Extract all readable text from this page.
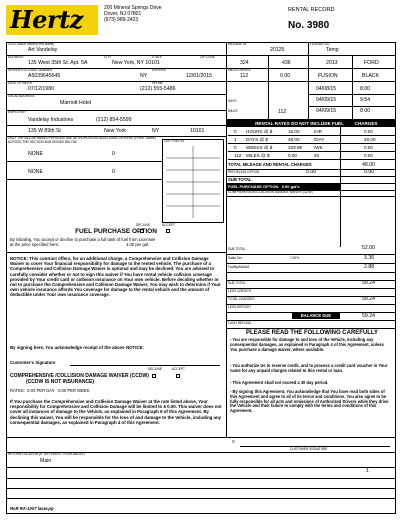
Hertz	200 Mineral Springs Drive
Dover, NJ 07801
(973) 989-2423
RENTAL RECORD
No. 3980
CUSTOMER NAME(Print Name)
Art Vandelay
ADDRESS	CITY	STATE	ZIP CODE
135 West 35th St. Apt. 5A	New York, NY 10101
DRIVER'S LICENSE NUMBER	EXPIRES
A5039645645	NY	12/01/2015
DATE OF BIRTH	PHONE
07/12/1980	(212) 555-5486
LOCAL ADDRESS
Marriott Hotel
EMPLOYER
Vandelay Industries	(212) 854-5599
135 W 89th St	New York	NY	10101
ONLY THE BELOW NAMED PERSONS ARE AUTHORIZED AS ADDITIONAL DRIVERS (PRINT NAME) ACROSS THE SECTION AND SIGNED BELOW	OUT FUEL IN
NONE	0
NONE	0
DECLINE	ACCEPT
FUEL PURCHASE OPTION
By initialing, You accept or decline to purchase a full tank of fuel from Licensee at the price specified here;	4.00 per gal.
NOTICE: This contract offers, for an additional charge, a Comprehensive and Collision Damage Waiver to cover Your financial responsibility for damage to the rented vehicle. The purchase of a Comprehensive and Collision Damage Waiver is optional and may be declined. You are advised to carefully consider whether or not to sign this waiver if You have rental vehicle collision coverage provided by Your credit card or collision insurance on Your own vehicle. Before deciding whether or not to purchase the Comprehensive and Collision Damage Waiver, You may wish to determine if Your own vehicle insurance affords You coverage for damage to the rental vehicle and the amount of deductible under Your own insurance coverage.
By signing here, You acknowledge receipt of the above NOTICE:
Customer's Signature
COMPREHENSIVE /COLLISION DAMAGE WAIVER (CCDW)
(CCDW IS NOT INSURANCE)
DECLINE	ACCEPT
RATES: 0.00 PER DAY 0.00 PER WEEK
If You purchase the Comprehensive and Collision Damage Waiver at the rate listed above, Your responsibility for Comprehensive and Collision Damage will be limited to $ 0.00. This waiver does not cover all instances of damage to the Vehicle, as explained in Paragraph 6 of this Agreement. By declining this waiver, You will be responsible for the loss of and damage to the Vehicle, including any consequential damages, as explained in Paragraph 4 of this Agreement.
MILEAGE IN	LICENSE NO.
20125	Temp
324	436	2013	FORD
MILES DRIVEN
112	0.00	FUSION	BLACK
04/08/15	8:00
04/09/15	9:54
04/09/15	8:00
DAYS
MILES	112
RENTAL RATES DO NOT INCLUDE FUEL CHARGES
0 HOURS @ $	16.00	/HR	0.00
1 DAYS @ $	48.00	/DAY	48.00
0 WEEKS @ $	329.99	/WK	0.00
112 MILES @ $	0.00	/M	0.00
TOTAL MILEAGE AND RENTAL CHARGES	48.00
REFUELING OPTION	5.00	0.00
SUB TOTAL
FUEL PURCHASE OPTION 0.00 gal's
COMPREHENSIVE/COLLISION DAMAGE WAIVER (CDW)
SUB TOTAL	52.00
Sales Tax	7.00%	3.36
Facility/AAAAA	2.88
SUB TOTAL	59.24
LESS CREDITS
TOTAL CHARGES	59.24
LESS DEPOSIT
BALANCE DUE	59.24
CASH REFUND
PLEASE READ THE FOLLOWING CAREFULLY
- You are responsible for damage to and loss of the Vehicle, including any consequential damages, as explained in Paragraph 4 of this Agreement, unless You purchase a damage waiver, where available.
- You authorize Us to reserve credit, and to process a credit card voucher in Your name for any unpaid charges related to this rental or loan.
- This Agreement shall not exceed a 30 day period.
- By signing this Agreement, You acknowledge that You have read both sides of this Agreement and agree to all of its terms and conditions. You also agree to be fully responsible for all acts and omissions of Authorized Drivers while they drive the Vehicle and their failure to comply with the terms and conditions of this Agreement.
X
CUSTOMER SIGNATURE
RETURN LOCATION (IF DIFFERENT FROM ABOVE)
Main
1
RnR RA-1007 laser.pp
